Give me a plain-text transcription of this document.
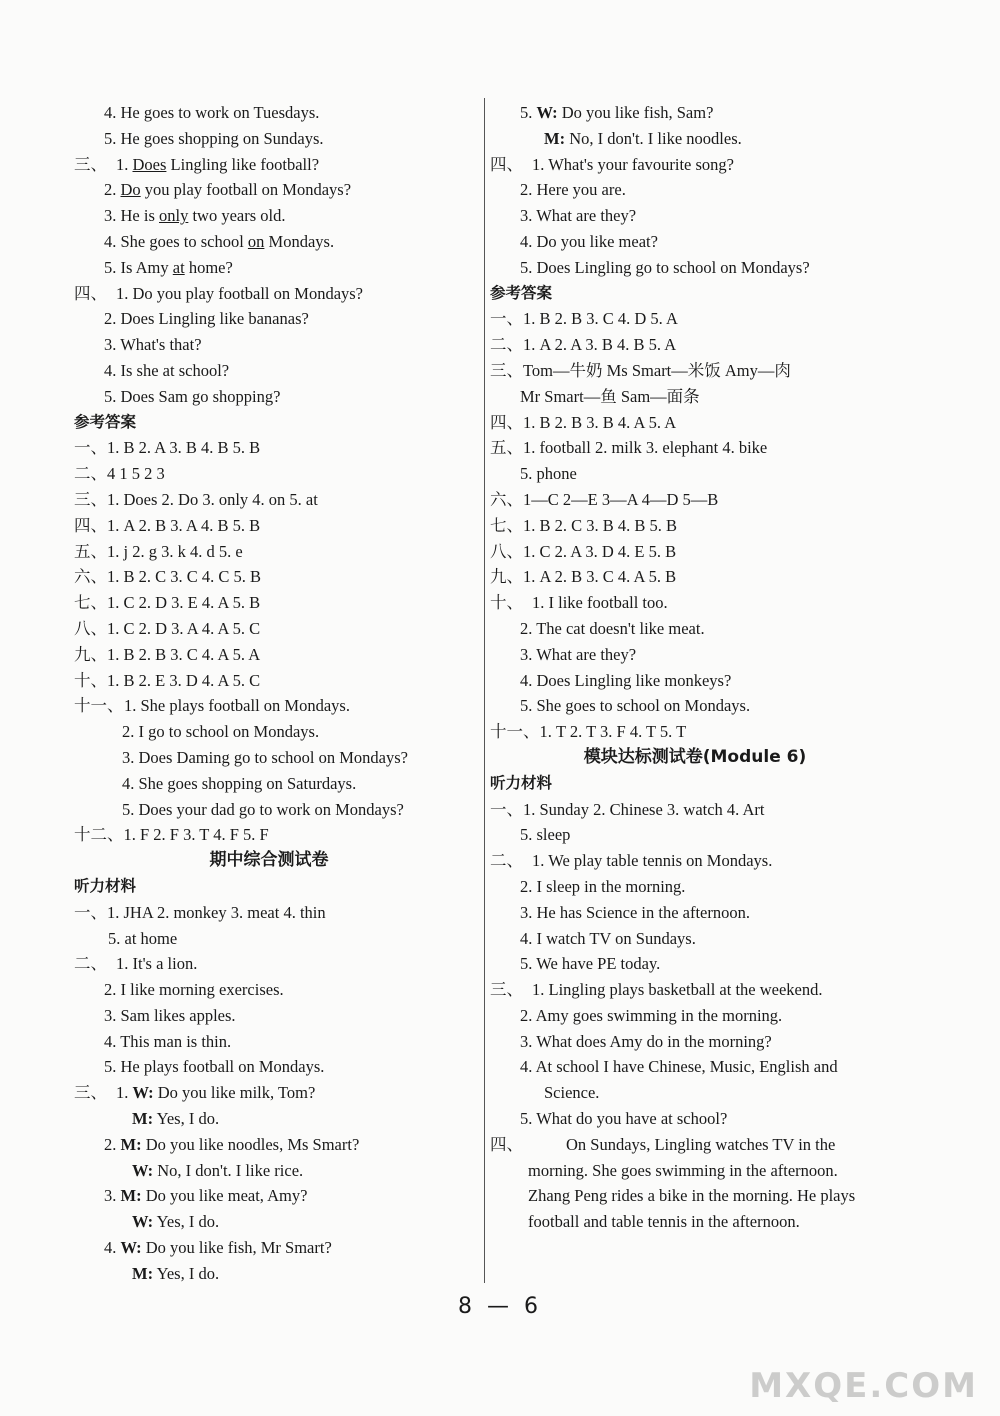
4. He goes to work on Tuesdays.
5. He goes shopping on Sundays.
三、 1. Does Lingling like football?
2. Do you play football on Mondays?
3. He is only two years old.
4. She goes to school on Mondays.
5. Is Amy at home?
四、 1. Do you play football on Mondays?
2. Does Lingling like bananas?
3. What's that?
4. Is she at school?
5. Does Sam go shopping?
参考答案
一、1. B 2. A 3. B 4. B 5. B
二、4 1 5 2 3
三、1. Does 2. Do 3. only 4. on 5. at
四、1. A 2. B 3. A 4. B 5. B
五、1. j 2. g 3. k 4. d 5. e
六、1. B 2. C 3. C 4. C 5. B
七、1. C 2. D 3. E 4. A 5. B
八、1. C 2. D 3. A 4. A 5. C
九、1. B 2. B 3. C 4. A 5. A
十、1. B 2. E 3. D 4. A 5. C
十一、1. She plays football on Mondays.
2. I go to school on Mondays.
3. Does Daming go to school on Mondays?
4. She goes shopping on Saturdays.
5. Does your dad go to work on Mondays?
十二、1. F 2. F 3. T 4. F 5. F
期中综合测试卷
听力材料
一、1. JHA 2. monkey 3. meat 4. thin
5. at home
二、 1. It's a lion.
2. I like morning exercises.
3. Sam likes apples.
4. This man is thin.
5. He plays football on Mondays.
三、 1. W: Do you like milk, Tom?
M: Yes, I do.
2. M: Do you like noodles, Ms Smart?
W: No, I don't. I like rice.
3. M: Do you like meat, Amy?
W: Yes, I do.
4. W: Do you like fish, Mr Smart?
M: Yes, I do.
5. W: Do you like fish, Sam?
M: No, I don't. I like noodles.
四、 1. What's your favourite song?
2. Here you are.
3. What are they?
4. Do you like meat?
5. Does Lingling go to school on Mondays?
参考答案
一、1. B 2. B 3. C 4. D 5. A
二、1. A 2. A 3. B 4. B 5. A
三、Tom—牛奶 Ms Smart—米饭 Amy—肉
Mr Smart—鱼 Sam—面条
四、1. B 2. B 3. B 4. A 5. A
五、1. football 2. milk 3. elephant 4. bike
5. phone
六、1—C 2—E 3—A 4—D 5—B
七、1. B 2. C 3. B 4. B 5. B
八、1. C 2. A 3. D 4. E 5. B
九、1. A 2. B 3. C 4. A 5. B
十、 1. I like football too.
2. The cat doesn't like meat.
3. What are they?
4. Does Lingling like monkeys?
5. She goes to school on Mondays.
十一、1. T 2. T 3. F 4. T 5. T
模块达标测试卷(Module 6)
听力材料
一、1. Sunday 2. Chinese 3. watch 4. Art
5. sleep
二、 1. We play table tennis on Mondays.
2. I sleep in the morning.
3. He has Science in the afternoon.
4. I watch TV on Sundays.
5. We have PE today.
三、 1. Lingling plays basketball at the weekend.
2. Amy goes swimming in the morning.
3. What does Amy do in the morning?
4. At school I have Chinese, Music, English and
Science.
5. What do you have at school?
四、	On Sundays, Lingling watches TV in the
morning. She goes swimming in the afternoon.
Zhang Peng rides a bike in the morning. He plays
football and table tennis in the afternoon.
8 — 6
MXQE.COM
